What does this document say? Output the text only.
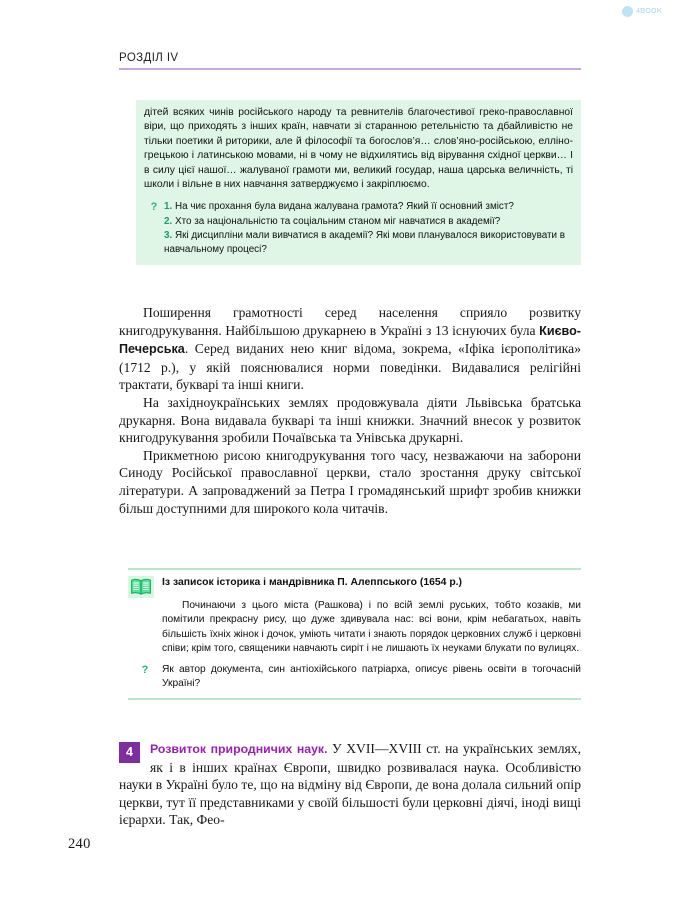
4BOOK
РОЗДІЛ IV

дітей всяких чинів російського народу та ревнителів благочестивої греко-православної віри, що приходять з інших країн, навчати зі старанною ретельністю та дбайливістю не тільки поетики й риторики, але й філософії та богослов’я… слов’яно-російською, елліно-грецькою і латинською мовами, ні в чому не відхилятись від вірування східної церкви… І в силу цієї нашої… жалуваної грамоти ми, великий государ, наша царська величність, ті школи і вільне в них навчання затверджуємо і закріплюємо.

? 1. На чиє прохання була видана жалувана грамота? Який її основний зміст?

2. Хто за національністю та соціальним станом міг навчатися в академії?

3. Які дисципліни мали вивчатися в академії? Які мови планувалося використовувати в навчальному процесі?

Поширення грамотності серед населення сприяло розвитку книгодрукування. Найбільшою друкарнею в Україні з 13 існуючих була Києво-Печерська. Серед виданих нею книг відома, зокрема, «Іфіка ієрополітика» (1712 р.), у якій пояснювалися норми поведінки. Видавалися релігійні трактати, букварі та інші книги.

На західноукраїнських землях продовжувала діяти Львівська братська друкарня. Вона видавала букварі та інші книжки. Значний внесок у розвиток книгодрукування зробили Почаївська та Унівська друкарні.

Прикметною рисою книгодрукування того часу, незважаючи на заборони Синоду Російської православної церкви, стало зростання друку світської літератури. А запроваджений за Петра I громадянський шрифт зробив книжки більш доступними для широкого кола читачів.

Із записок історика і мандрівника П. Алеппського (1654 р.)

Починаючи з цього міста (Рашкова) і по всій землі руських, тобто козаків, ми помітили прекрасну рису, що дуже здивувала нас: всі вони, крім небагатьох, навіть більшість їхніх жінок і дочок, уміють читати і знають порядок церковних служб і церковні співи; крім того, священики навчають сиріт і не лишають їх неуками блукати по вулицях.

?	Як автор документа, син антіохійського патріарха, описує рівень освіти в тогочасній Україні?
4	Розвиток природничих наук. У XVII—XVIII ст. на українських землях, як і в інших країнах Європи, швидко розвивалася наука. Особливістю науки в Україні було те, що на відміну від Європи, де вона долала сильний опір церкви, тут її представниками у своїй більшості були церковні діячі, іноді вищі ієрархи. Так, Фео-

240
